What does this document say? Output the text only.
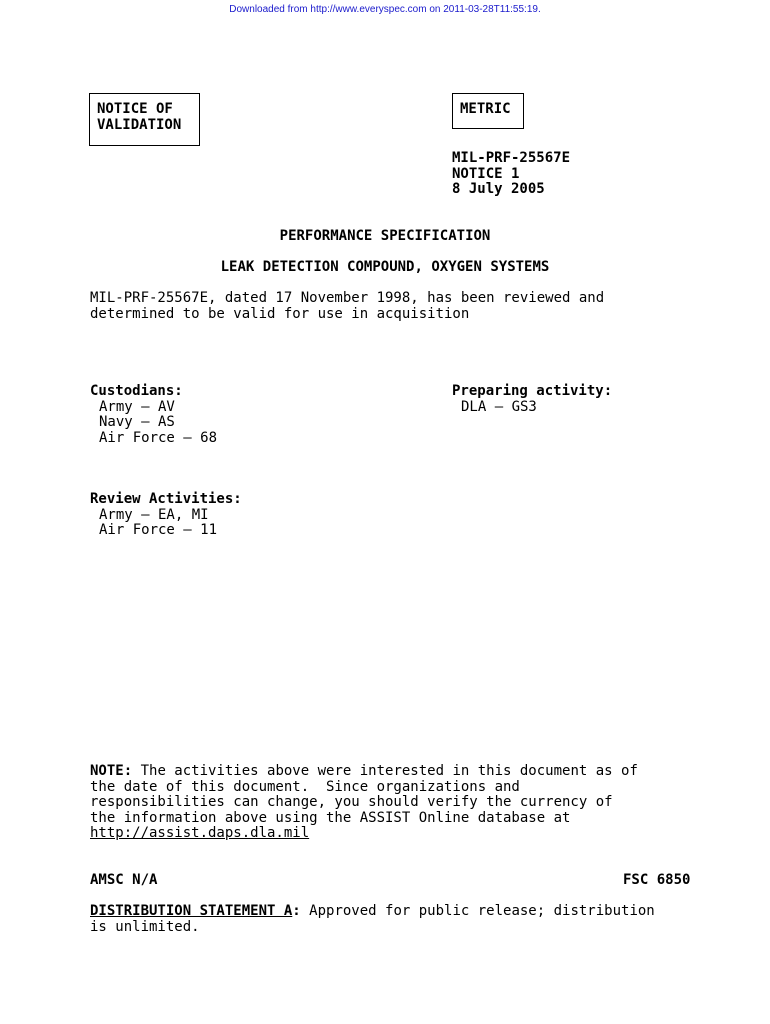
Downloaded from http://www.everyspec.com on 2011-03-28T11:55:19.
NOTICE OF
VALIDATION
METRIC
MIL-PRF-25567E
NOTICE 1
8 July 2005
PERFORMANCE SPECIFICATION
LEAK DETECTION COMPOUND, OXYGEN SYSTEMS
MIL-PRF-25567E, dated 17 November 1998, has been reviewed and
determined to be valid for use in acquisition
Custodians:
Army – AV
Navy – AS
Air Force – 68
Preparing activity:
DLA – GS3
Review Activities:
Army – EA, MI
Air Force – 11
NOTE: The activities above were interested in this document as of
the date of this document.  Since organizations and
responsibilities can change, you should verify the currency of
the information above using the ASSIST Online database at
http://assist.daps.dla.mil
AMSC N/A	FSC 6850
DISTRIBUTION STATEMENT A: Approved for public release; distribution
is unlimited.
